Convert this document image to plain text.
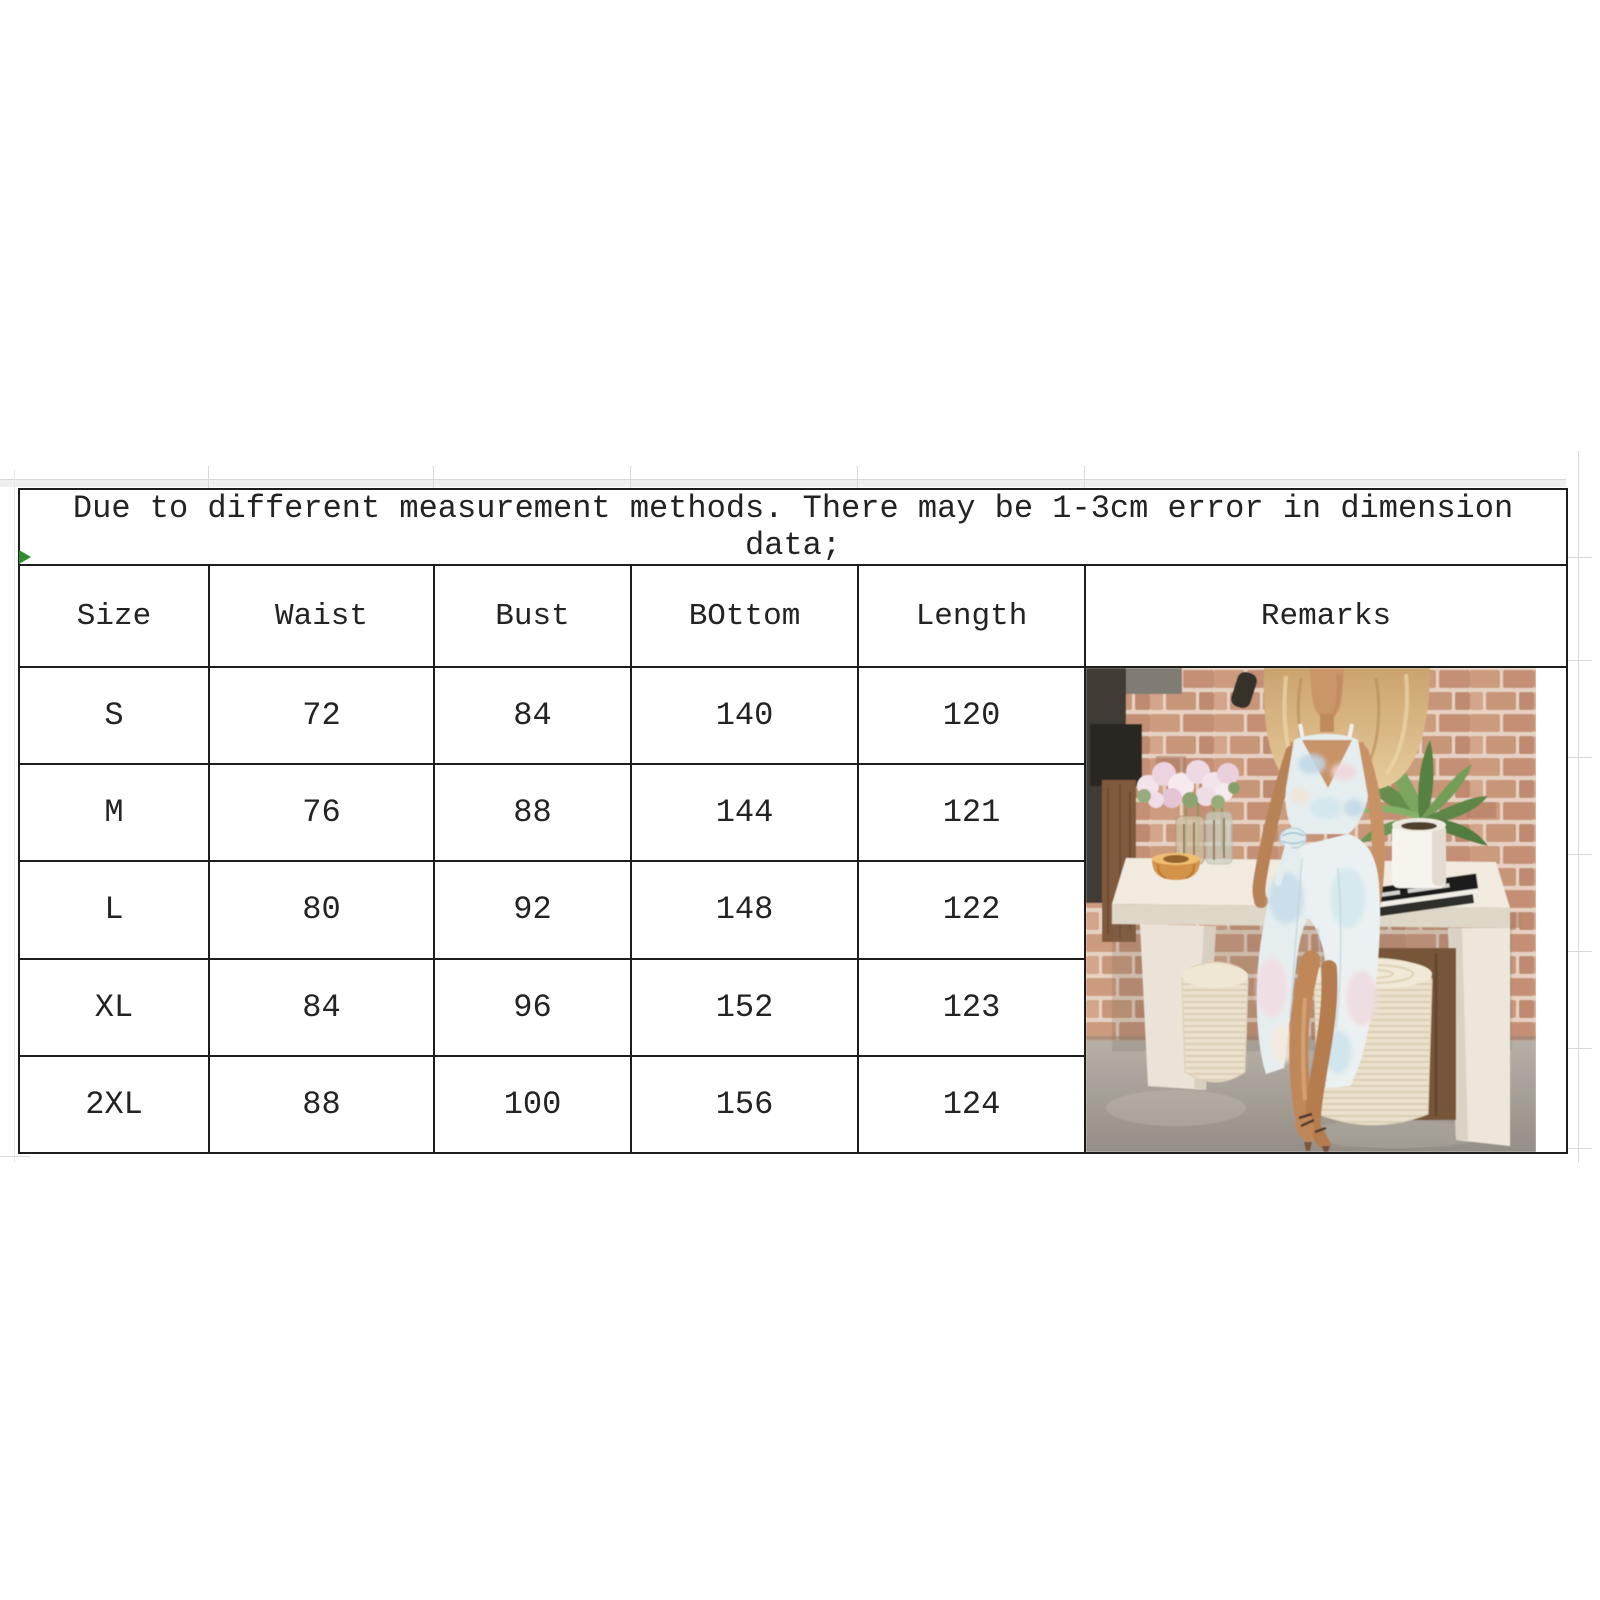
Due to different measurement methods. There may be 1-3cm error in dimension data;					
Size	Waist	Bust	BOttom	Length	Remarks
S	72	84	140	120	

M	76	88	144	121	
L	80	92	148	122	
XL	84	96	152	123	
2XL	88	100	156	124	
